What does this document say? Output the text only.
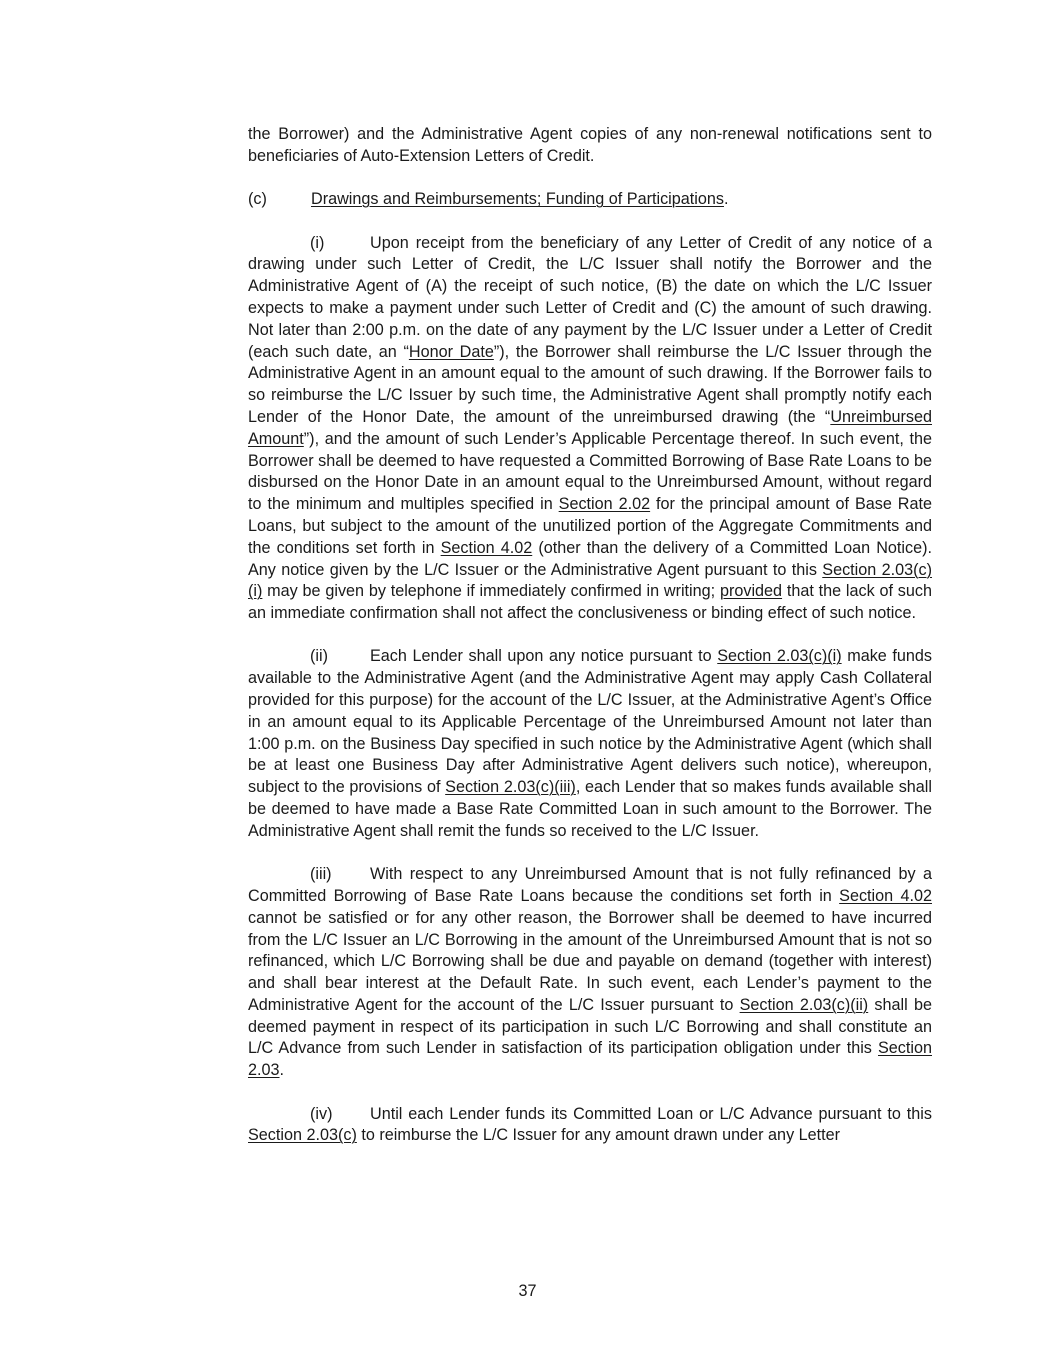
the Borrower) and the Administrative Agent copies of any non-renewal notifications sent to beneficiaries of Auto-Extension Letters of Credit.

(c)	Drawings and Reimbursements; Funding of Participations.

(i)	Upon receipt from the beneficiary of any Letter of Credit of any notice of a drawing under such Letter of Credit, the L/C Issuer shall notify the Borrower and the Administrative Agent of (A) the receipt of such notice, (B) the date on which the L/C Issuer expects to make a payment under such Letter of Credit and (C) the amount of such drawing. Not later than 2:00 p.m. on the date of any payment by the L/C Issuer under a Letter of Credit (each such date, an “Honor Date”), the Borrower shall reimburse the L/C Issuer through the Administrative Agent in an amount equal to the amount of such drawing. If the Borrower fails to so reimburse the L/C Issuer by such time, the Administrative Agent shall promptly notify each Lender of the Honor Date, the amount of the unreimbursed drawing (the “Unreimbursed Amount”), and the amount of such Lender’s Applicable Percentage thereof. In such event, the Borrower shall be deemed to have requested a Committed Borrowing of Base Rate Loans to be disbursed on the Honor Date in an amount equal to the Unreimbursed Amount, without regard to the minimum and multiples specified in Section 2.02 for the principal amount of Base Rate Loans, but subject to the amount of the unutilized portion of the Aggregate Commitments and the conditions set forth in Section 4.02 (other than the delivery of a Committed Loan Notice). Any notice given by the L/C Issuer or the Administrative Agent pursuant to this Section 2.03(c)(i) may be given by telephone if immediately confirmed in writing; provided that the lack of such an immediate confirmation shall not affect the conclusiveness or binding effect of such notice.

(ii)	Each Lender shall upon any notice pursuant to Section 2.03(c)(i) make funds available to the Administrative Agent (and the Administrative Agent may apply Cash Collateral provided for this purpose) for the account of the L/C Issuer, at the Administrative Agent’s Office in an amount equal to its Applicable Percentage of the Unreimbursed Amount not later than 1:00 p.m. on the Business Day specified in such notice by the Administrative Agent (which shall be at least one Business Day after Administrative Agent delivers such notice), whereupon, subject to the provisions of Section 2.03(c)(iii), each Lender that so makes funds available shall be deemed to have made a Base Rate Committed Loan in such amount to the Borrower. The Administrative Agent shall remit the funds so received to the L/C Issuer.

(iii) With respect to any Unreimbursed Amount that is not fully refinanced by a Committed Borrowing of Base Rate Loans because the conditions set forth in Section 4.02 cannot be satisfied or for any other reason, the Borrower shall be deemed to have incurred from the L/C Issuer an L/C Borrowing in the amount of the Unreimbursed Amount that is not so refinanced, which L/C Borrowing shall be due and payable on demand (together with interest) and shall bear interest at the Default Rate. In such event, each Lender’s payment to the Administrative Agent for the account of the L/C Issuer pursuant to Section 2.03(c)(ii) shall be deemed payment in respect of its participation in such L/C Borrowing and shall constitute an L/C Advance from such Lender in satisfaction of its participation obligation under this Section 2.03.

(iv) Until each Lender funds its Committed Loan or L/C Advance pursuant to this Section 2.03(c) to reimburse the L/C Issuer for any amount drawn under any Letter

37
